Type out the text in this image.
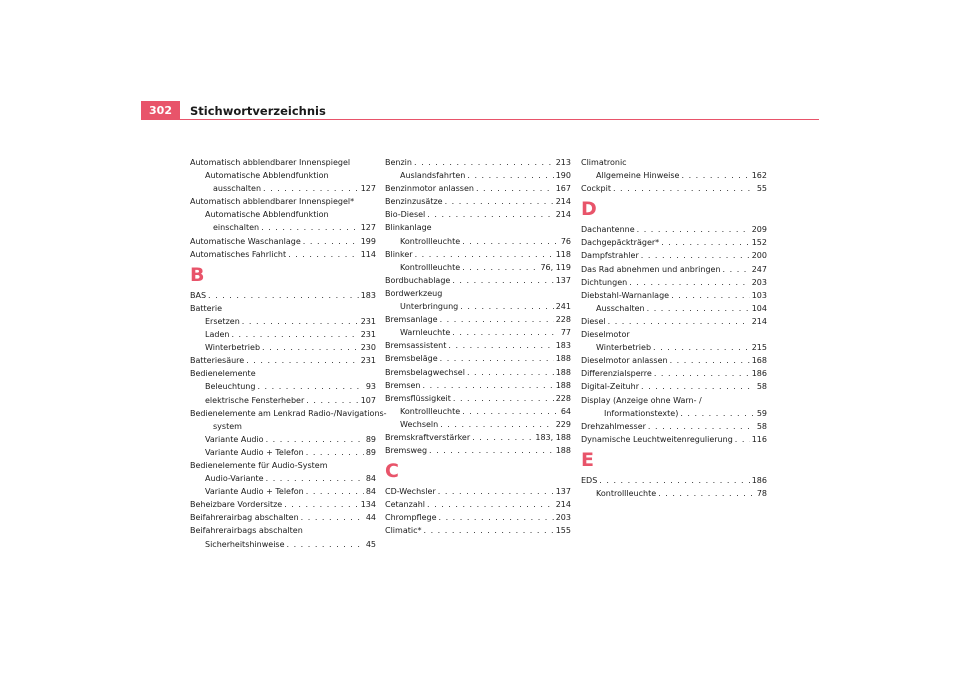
302	Stichwortverzeichnis
Automatisch abblendbarer Innenspiegel
Automatische Abblendfunktion
ausschalten . . .	127
Automatisch abblendbarer Innenspiegel*
Automatische Abblendfunktion
einschalten . . .	127
Automatische Waschanlage . . .	199
Automatisches Fahrlicht . . .	114
B
BAS . . .	183
Batterie
Ersetzen . . .	231
Laden . . .	231
Winterbetrieb . . .	230
Batteriesäure . . .	231
Bedienelemente
Beleuchtung . . .	93
elektrische Fensterheber . . .	107
Bedienelemente am Lenkrad Radio-/Navigations-
system
Variante Audio . . .	89
Variante Audio + Telefon . . .	89
Bedienelemente für Audio-System
Audio-Variante . . .	84
Variante Audio + Telefon . . .	84
Beheizbare Vordersitze . . .	134
Beifahrerairbag abschalten . . .	44
Beifahrerairbags abschalten
Sicherheitshinweise . . .	45
Benzin . . .	213
Auslandsfahrten . . .	190
Benzinmotor anlassen . . .	167
Benzinzusätze . . .	214
Bio-Diesel . . .	214
Blinkanlage
Kontrollleuchte . . .	76
Blinker . . .	118
Kontrollleuchte . . .	76, 119
Bordbuchablage . . .	137
Bordwerkzeug
Unterbringung . . .	241
Bremsanlage . . .	228
Warnleuchte . . .	77
Bremsassistent . . .	183
Bremsbeläge . . .	188
Bremsbelagwechsel . . .	188
Bremsen . . .	188
Bremsflüssigkeit . . .	228
Kontrollleuchte . . .	64
Wechseln . . .	229
Bremskraftverstärker . . .	183, 188
Bremsweg . . .	188
C
CD-Wechsler . . .	137
Cetanzahl . . .	214
Chrompflege . . .	203
Climatic* . . .	155
Climatronic
Allgemeine Hinweise . . .	162
Cockpit . . .	55
D
Dachantenne . . .	209
Dachgepäckträger* . . .	152
Dampfstrahler . . .	200
Das Rad abnehmen und anbringen . . .	247
Dichtungen . . .	203
Diebstahl-Warnanlage . . .	103
Ausschalten . . .	104
Diesel . . .	214
Dieselmotor
Winterbetrieb . . .	215
Dieselmotor anlassen . . .	168
Differenzialsperre . . .	186
Digital-Zeituhr . . .	58
Display (Anzeige ohne Warn- /
Informationstexte) . . .	59
Drehzahlmesser . . .	58
Dynamische Leuchtweitenregulierung . . . 116
E
EDS . . .	186
Kontrollleuchte . . .	78
